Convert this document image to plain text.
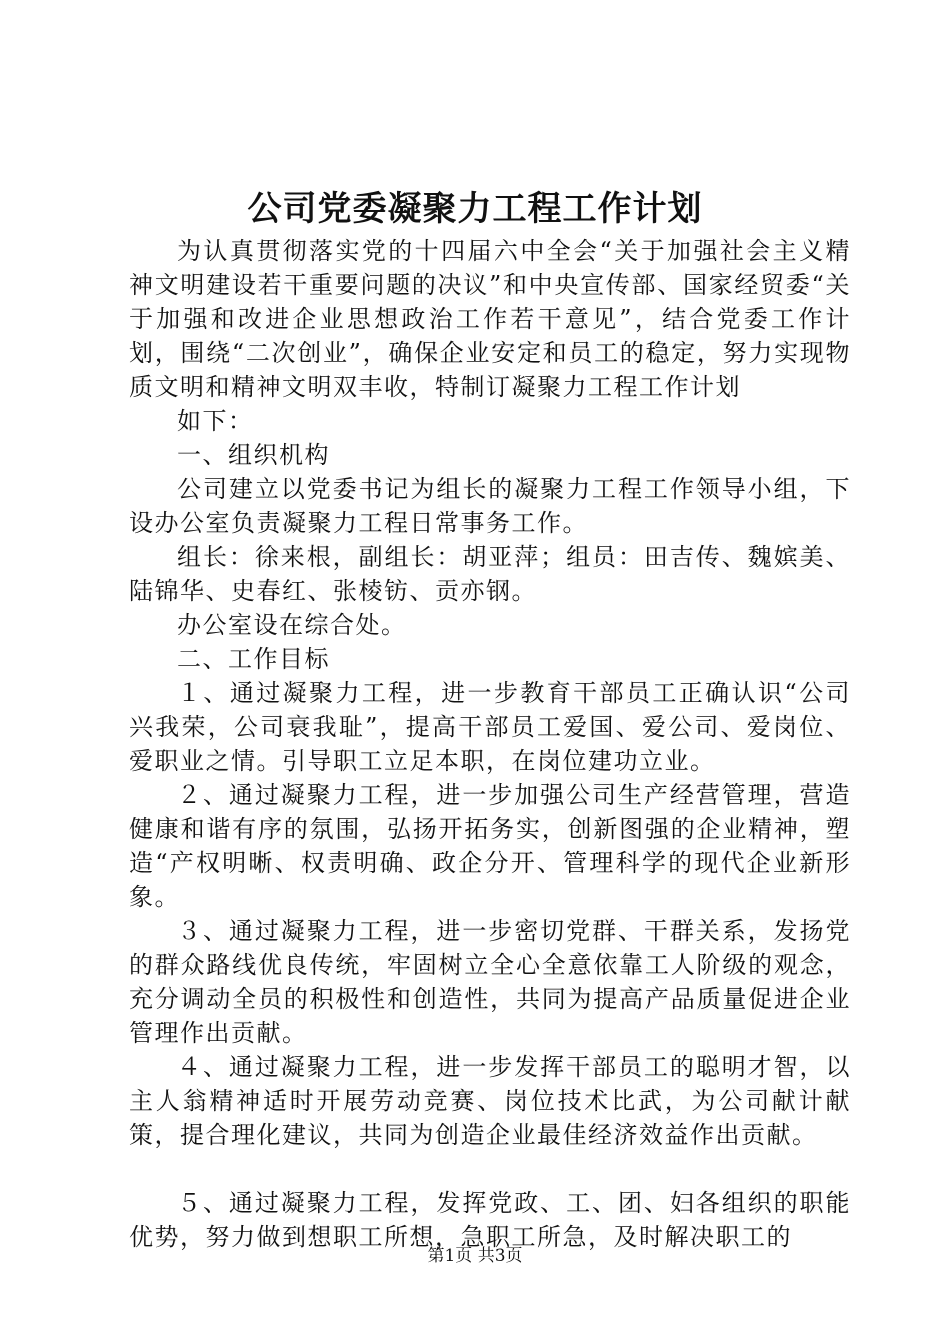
公司党委凝聚力工程工作计划

为认真贯彻落实党的十四届六中全会“关于加强社会主义精神文明建设若干重要问题的决议”和中央宣传部、国家经贸委“关于加强和改进企业思想政治工作若干意见”，结合党委工作计划，围绕“二次创业”，确保企业安定和员工的稳定，努力实现物质文明和精神文明双丰收，特制订凝聚力工程工作计划

如下：

一、组织机构

公司建立以党委书记为组长的凝聚力工程工作领导小组，下设办公室负责凝聚力工程日常事务工作。

组长：徐来根，副组长：胡亚萍；组员：田吉传、魏嫔美、陆锦华、史春红、张棱钫、贡亦钢。

办公室设在综合处。

二、工作目标

１、通过凝聚力工程，进一步教育干部员工正确认识“公司兴我荣，公司衰我耻”，提高干部员工爱国、爱公司、爱岗位、爱职业之情。引导职工立足本职，在岗位建功立业。

２、通过凝聚力工程，进一步加强公司生产经营管理，营造健康和谐有序的氛围，弘扬开拓务实，创新图强的企业精神，塑造“产权明晰、权责明确、政企分开、管理科学的现代企业新形象。

３、通过凝聚力工程，进一步密切党群、干群关系，发扬党的群众路线优良传统，牢固树立全心全意依靠工人阶级的观念，充分调动全员的积极性和创造性，共同为提高产品质量促进企业管理作出贡献。

４、通过凝聚力工程，进一步发挥干部员工的聪明才智，以主人翁精神适时开展劳动竞赛、岗位技术比武，为公司献计献策，提合理化建议，共同为创造企业最佳经济效益作出贡献。

５、通过凝聚力工程，发挥党政、工、团、妇各组织的职能优势，努力做到想职工所想，急职工所急，及时解决职工的

第1页 共3页
